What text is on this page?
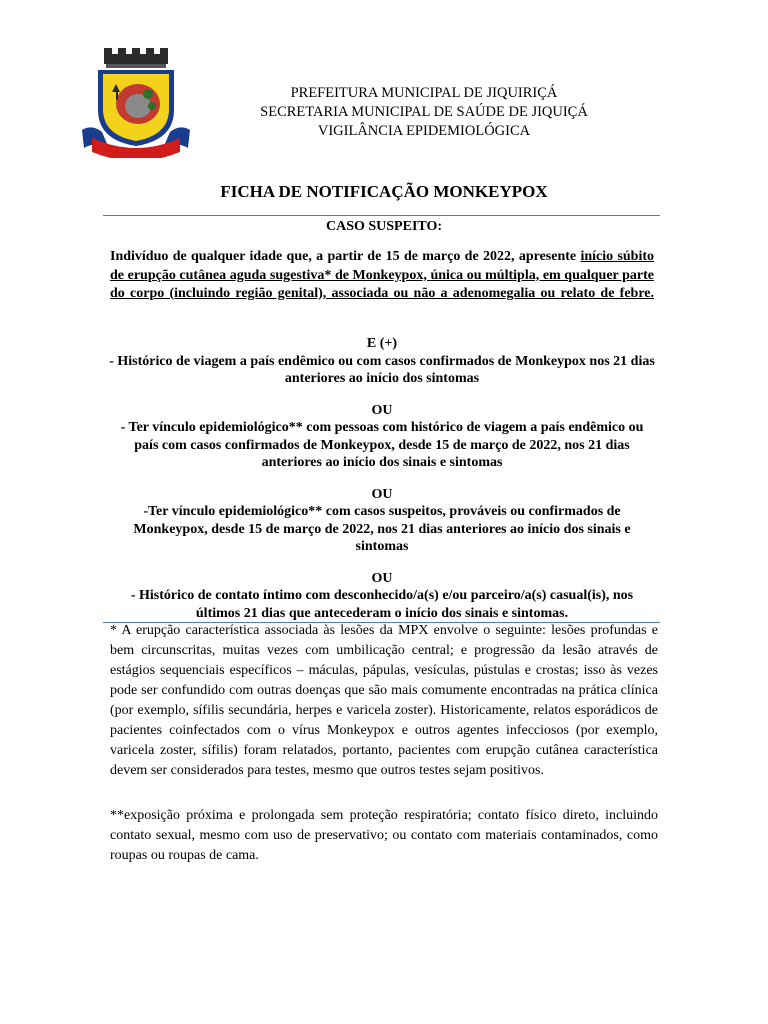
PREFEITURA MUNICIPAL DE JIQUIRIÇÁ
SECRETARIA MUNICIPAL DE SAÚDE DE JIQUIÇÁ
VIGILÂNCIA EPIDEMIOLÓGICA
FICHA DE NOTIFICAÇÃO MONKEYPOX
CASO SUSPEITO:
Indivíduo de qualquer idade que, a partir de 15 de março de 2022, apresente início súbito de erupção cutânea aguda sugestiva* de Monkeypox, única ou múltipla, em qualquer parte do corpo (incluindo região genital), associada ou não a adenomegalia ou relato de febre.

E (+)

- Histórico de viagem a país endêmico ou com casos confirmados de Monkeypox nos 21 dias anteriores ao início dos sintomas

OU

- Ter vínculo epidemiológico** com pessoas com histórico de viagem a país endêmico ou país com casos confirmados de Monkeypox, desde 15 de março de 2022, nos 21 dias anteriores ao início dos sinais e sintomas

OU

-Ter vínculo epidemiológico** com casos suspeitos, prováveis ou confirmados de Monkeypox, desde 15 de março de 2022, nos 21 dias anteriores ao início dos sinais e sintomas

OU

- Histórico de contato íntimo com desconhecido/a(s) e/ou parceiro/a(s) casual(is), nos últimos 21 dias que antecederam o início dos sinais e sintomas.

* A erupção característica associada às lesões da MPX envolve o seguinte: lesões profundas e bem circunscritas, muitas vezes com umbilicação central; e progressão da lesão através de estágios sequenciais específicos – máculas, pápulas, vesículas, pústulas e crostas; isso às vezes pode ser confundido com outras doenças que são mais comumente encontradas na prática clínica (por exemplo, sífilis secundária, herpes e varicela zoster). Historicamente, relatos esporádicos de pacientes coinfectados com o vírus Monkeypox e outros agentes infecciosos (por exemplo, varicela zoster, sífilis) foram relatados, portanto, pacientes com erupção cutânea característica devem ser considerados para testes, mesmo que outros testes sejam positivos.

**exposição próxima e prolongada sem proteção respiratória; contato físico direto, incluindo contato sexual, mesmo com uso de preservativo; ou contato com materiais contaminados, como roupas ou roupas de cama.
